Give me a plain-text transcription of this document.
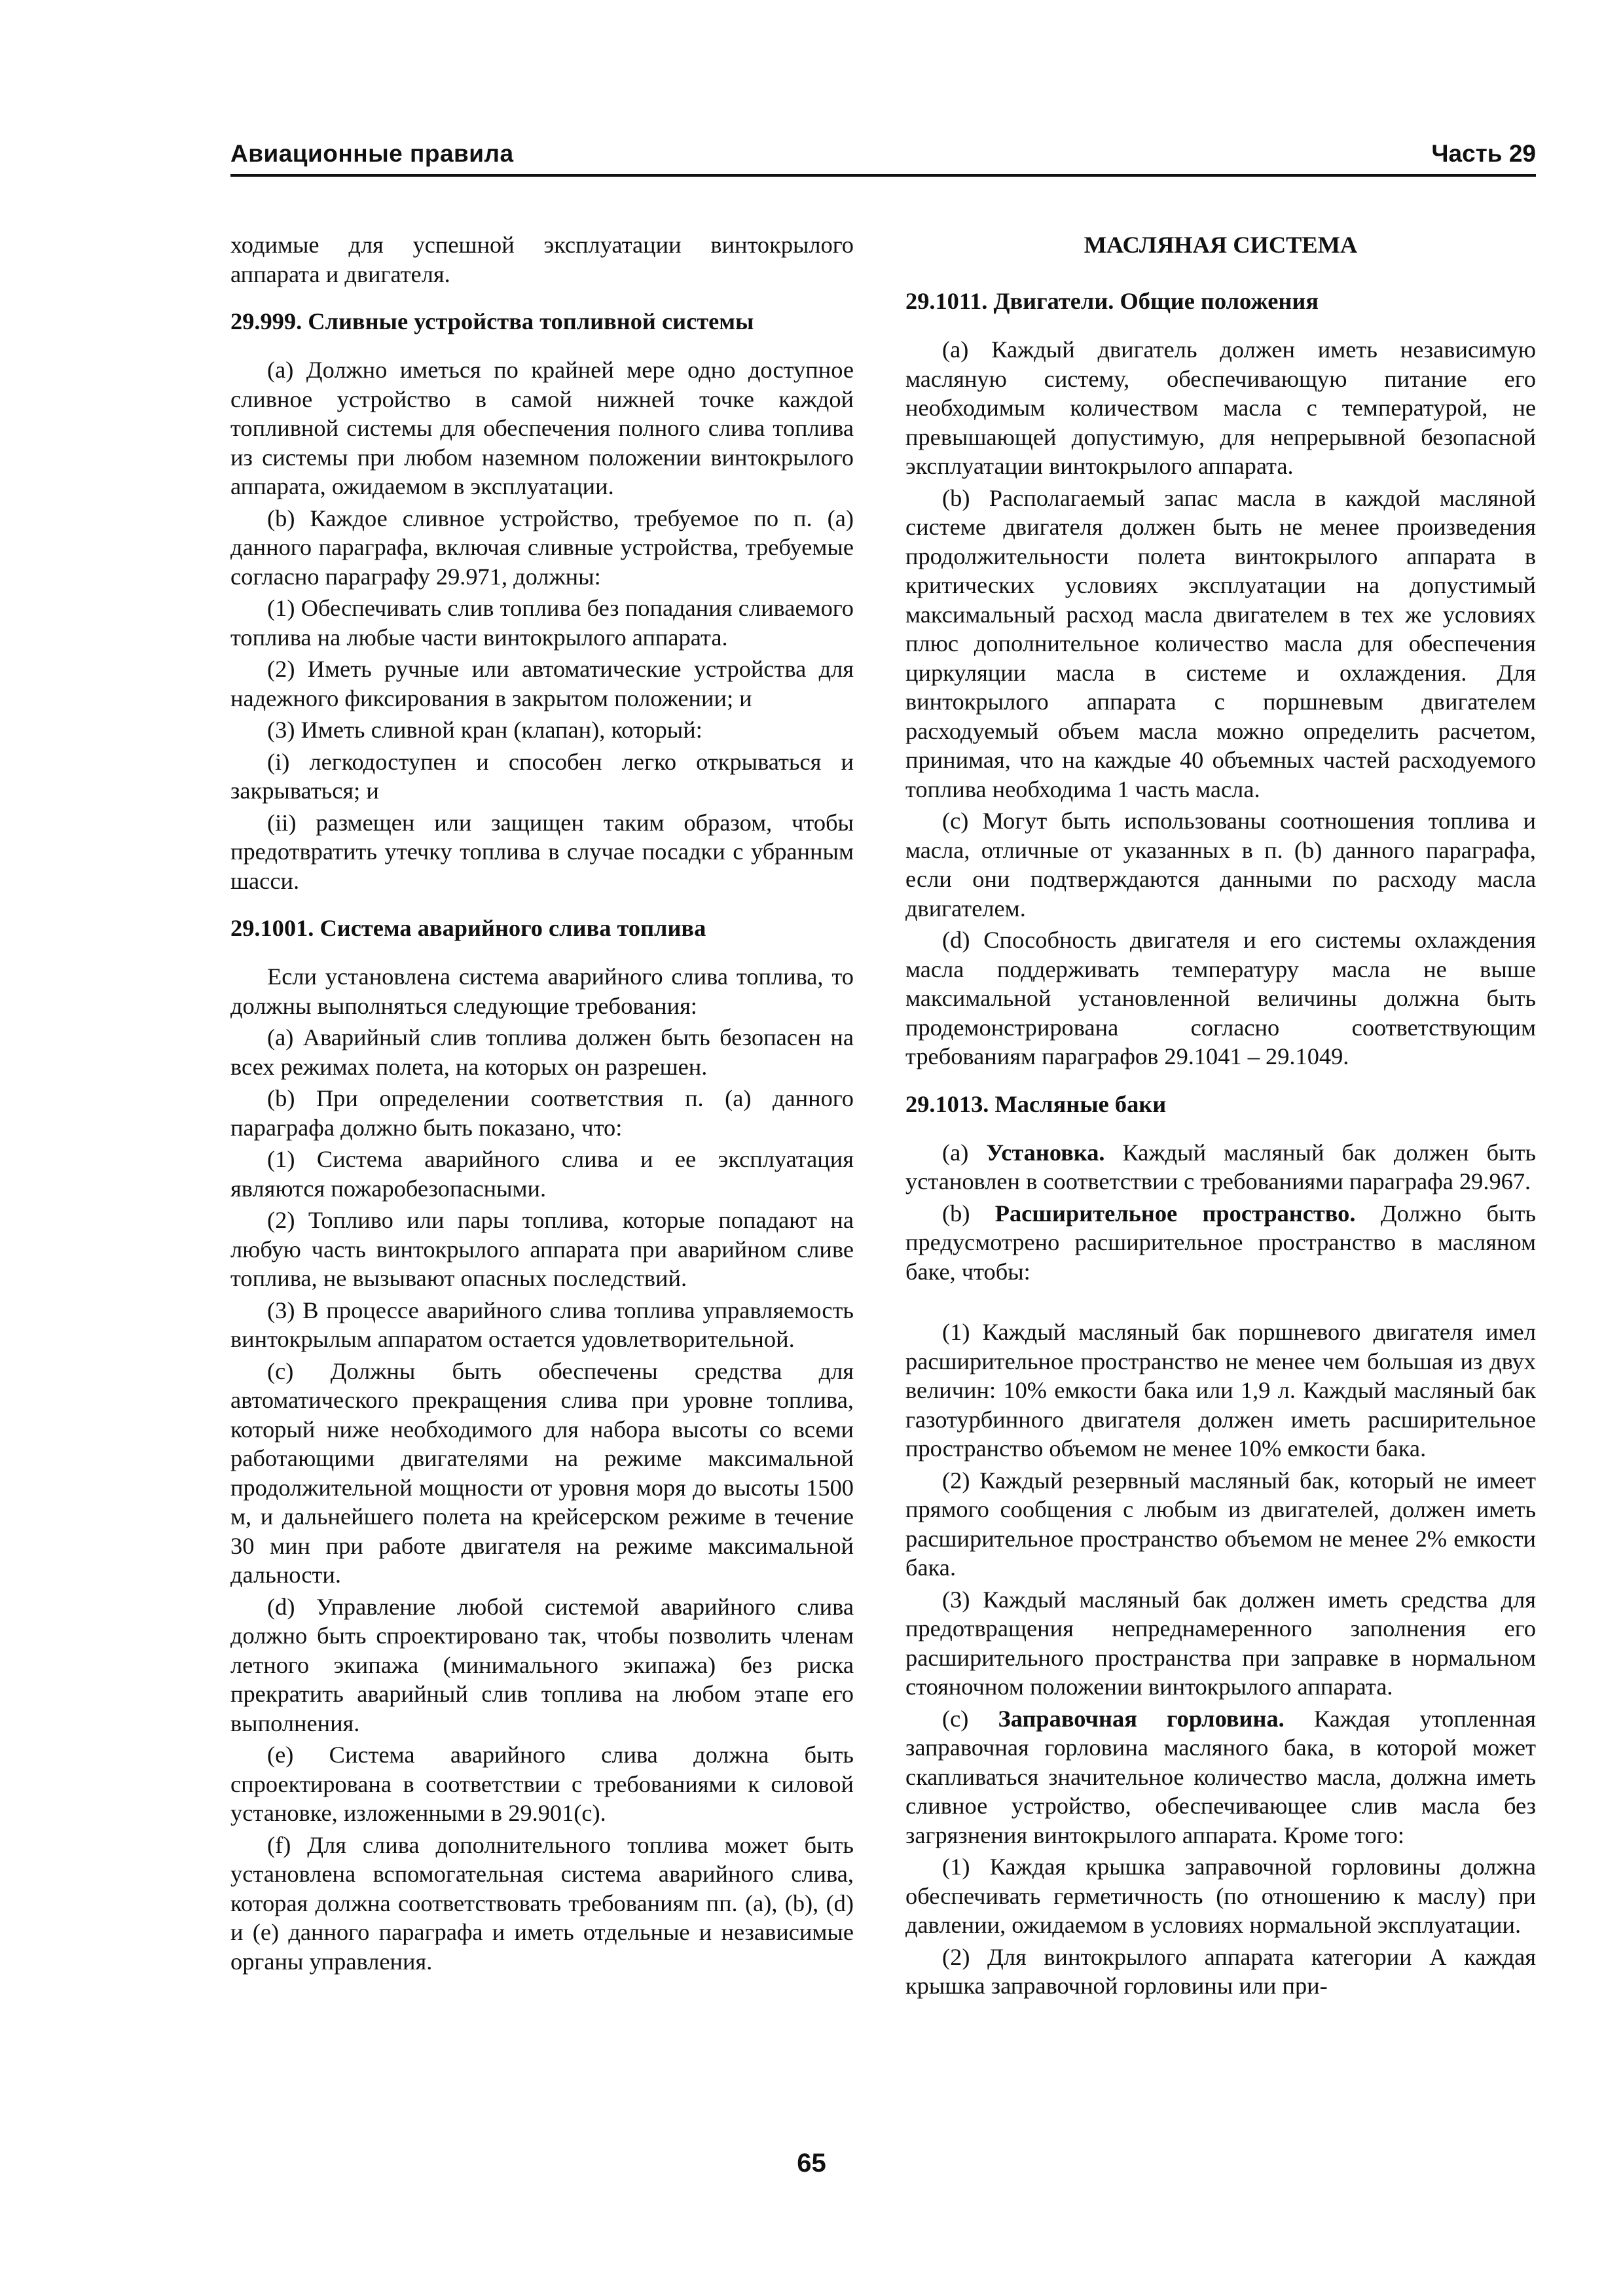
Авиационные правила	Часть 29

ходимые для успешной эксплуатации винтокрылого аппарата и двигателя.

29.999. Сливные устройства топливной системы

(a) Должно иметься по крайней мере одно доступное сливное устройство в самой нижней точке каждой топливной системы для обеспечения полного слива топлива из системы при любом наземном положении винтокрылого аппарата, ожидаемом в эксплуатации.

(b) Каждое сливное устройство, требуемое по п. (а) данного параграфа, включая сливные устройства, требуемые согласно параграфу 29.971, должны:

(1) Обеспечивать слив топлива без попадания сливаемого топлива на любые части винтокрылого аппарата.

(2) Иметь ручные или автоматические устройства для надежного фиксирования в закрытом положении; и

(3) Иметь сливной кран (клапан), который:

(i) легкодоступен и способен легко открываться и закрываться; и

(ii) размещен или защищен таким образом, чтобы предотвратить утечку топлива в случае посадки с убранным шасси.

29.1001. Система аварийного слива топлива

Если установлена система аварийного слива топлива, то должны выполняться следующие требования:

(a) Аварийный слив топлива должен быть безопасен на всех режимах полета, на которых он разрешен.

(b) При определении соответствия п. (а) данного параграфа должно быть показано, что:

(1) Система аварийного слива и ее эксплуатация являются пожаробезопасными.

(2) Топливо или пары топлива, которые попадают на любую часть винтокрылого аппарата при аварийном сливе топлива, не вызывают опасных последствий.

(3) В процессе аварийного слива топлива управляемость винтокрылым аппаратом остается удовлетворительной.

(c) Должны быть обеспечены средства для автоматического прекращения слива при уровне топлива, который ниже необходимого для набора высоты со всеми работающими двигателями на режиме максимальной продолжительной мощности от уровня моря до высоты 1500 м, и дальнейшего полета на крейсерском режиме в течение 30 мин при работе двигателя на режиме максимальной дальности.

(d) Управление любой системой аварийного слива должно быть спроектировано так, чтобы позволить членам летного экипажа (минимального экипажа) без риска прекратить аварийный слив топлива на любом этапе его выполнения.

(e) Система аварийного слива должна быть спроектирована в соответствии с требованиями к силовой установке, изложенными в 29.901(c).

(f) Для слива дополнительного топлива может быть установлена вспомогательная система аварийного слива, которая должна соответствовать требованиям пп. (a), (b), (d) и (e) данного параграфа и иметь отдельные и независимые органы управления.

МАСЛЯНАЯ СИСТЕМА
29.1011. Двигатели. Общие положения

(a) Каждый двигатель должен иметь независимую масляную систему, обеспечивающую питание его необходимым количеством масла с температурой, не превышающей допустимую, для непрерывной безопасной эксплуатации винтокрылого аппарата.

(b) Располагаемый запас масла в каждой масляной системе двигателя должен быть не менее произведения продолжительности полета винтокрылого аппарата в критических условиях эксплуатации на допустимый максимальный расход масла двигателем в тех же условиях плюс дополнительное количество масла для обеспечения циркуляции масла в системе и охлаждения. Для винтокрылого аппарата с поршневым двигателем расходуемый объем масла можно определить расчетом, принимая, что на каждые 40 объемных частей расходуемого топлива необходима 1 часть масла.

(c) Могут быть использованы соотношения топлива и масла, отличные от указанных в п. (b) данного параграфа, если они подтверждаются данными по расходу масла двигателем.

(d) Способность двигателя и его системы охлаждения масла поддерживать температуру масла не выше максимальной установленной величины должна быть продемонстрирована согласно соответствующим требованиям параграфов 29.1041 – 29.1049.

29.1013. Масляные баки

(a) Установка. Каждый масляный бак должен быть установлен в соответствии с требованиями параграфа 29.967.

(b) Расширительное пространство. Должно быть предусмотрено расширительное пространство в масляном баке, чтобы:

(1) Каждый масляный бак поршневого двигателя имел расширительное пространство не менее чем большая из двух величин: 10% емкости бака или 1,9 л. Каждый масляный бак газотурбинного двигателя должен иметь расширительное пространство объемом не менее 10% емкости бака.

(2) Каждый резервный масляный бак, который не имеет прямого сообщения с любым из двигателей, должен иметь расширительное пространство объемом не менее 2% емкости бака.

(3) Каждый масляный бак должен иметь средства для предотвращения непреднамеренного заполнения его расширительного пространства при заправке в нормальном стояночном положении винтокрылого аппарата.

(c) Заправочная горловина. Каждая утопленная заправочная горловина масляного бака, в которой может скапливаться значительное количество масла, должна иметь сливное устройство, обеспечивающее слив масла без загрязнения винтокрылого аппарата. Кроме того:

(1) Каждая крышка заправочной горловины должна обеспечивать герметичность (по отношению к маслу) при давлении, ожидаемом в условиях нормальной эксплуатации.

(2) Для винтокрылого аппарата категории А каждая крышка заправочной горловины или при-

65
